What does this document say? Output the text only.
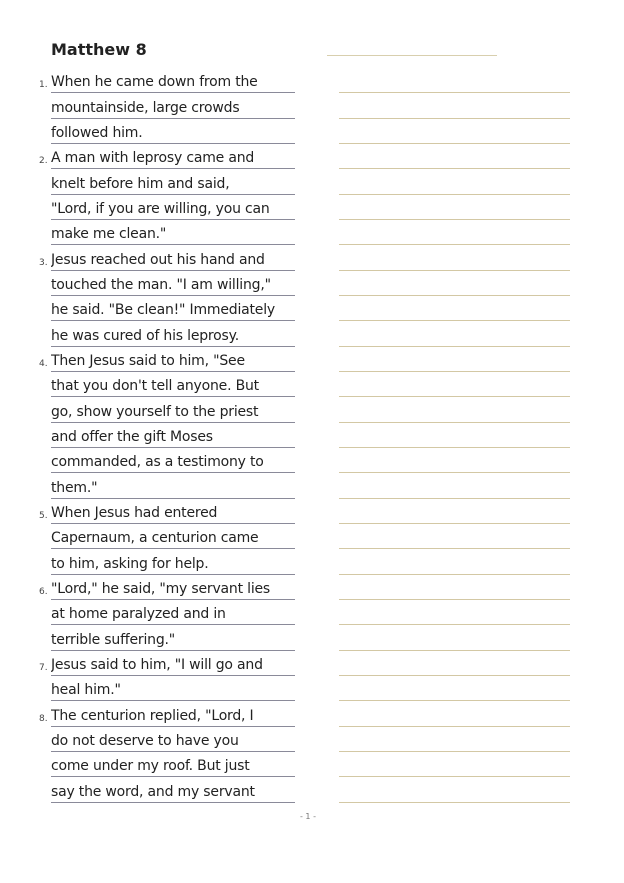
Matthew 8
1. When he came down from the
mountainside, large crowds
followed him.
2. A man with leprosy came and
knelt before him and said,
"Lord, if you are willing, you can
make me clean."
3. Jesus reached out his hand and
touched the man. "I am willing,"
he said. "Be clean!" Immediately
he was cured of his leprosy.
4. Then Jesus said to him, "See
that you don't tell anyone. But
go, show yourself to the priest
and offer the gift Moses
commanded, as a testimony to
them."
5. When Jesus had entered
Capernaum, a centurion came
to him, asking for help.
6. "Lord," he said, "my servant lies
at home paralyzed and in
terrible suffering."
7. Jesus said to him, "I will go and
heal him."
8. The centurion replied, "Lord, I
do not deserve to have you
come under my roof. But just
say the word, and my servant
- 1 -
